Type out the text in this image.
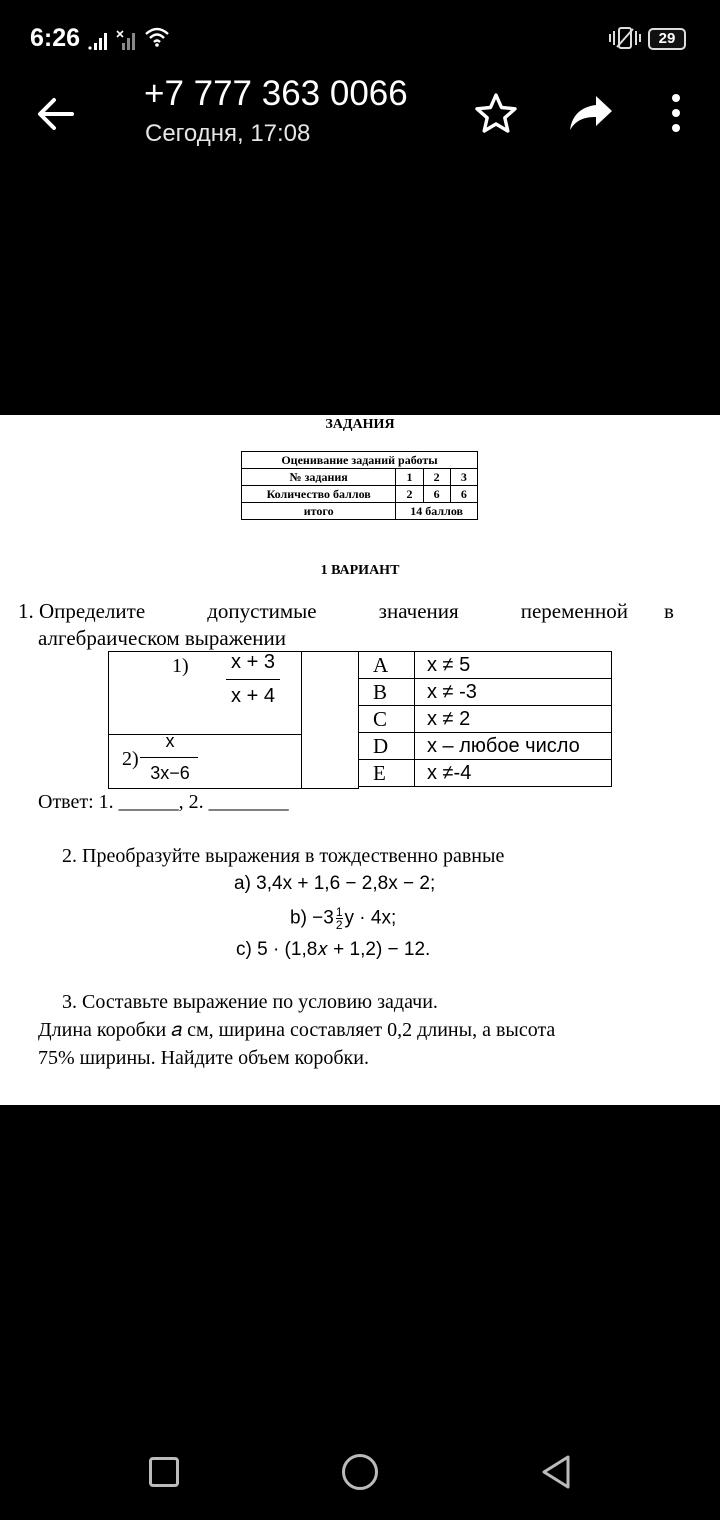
6:26	29
+7 777 363 0066
Сегодня, 17:08
ЗАДАНИЯ
Оценивание заданий работы			
№ задания	1	2	3
Количество баллов	2	6	6
итого	14 баллов		
1 ВАРИАНТ
1. Определите	допустимые	значения	переменной в
алгебраическом выражении
1)	x + 3
x + 4
2)
x
3x−6
A	x ≠ 5
B	x ≠ -3
C	x ≠ 2
D	x – любое число
E	x ≠-4
Ответ: 1. ______, 2. ________
2. Преобразуйте выражения в тождественно равные
a) 3,4x + 1,6 − 2,8x − 2;
$b) -3 \frac{1}{2}$ y · 4x;
c) 5 · (1,8𝑥 + 1,2) − 12.
3. Составьте выражение по условию задачи.
Длина коробки 𝑎 см, ширина составляет 0,2 длины, а высота
75% ширины. Найдите объем коробки.
